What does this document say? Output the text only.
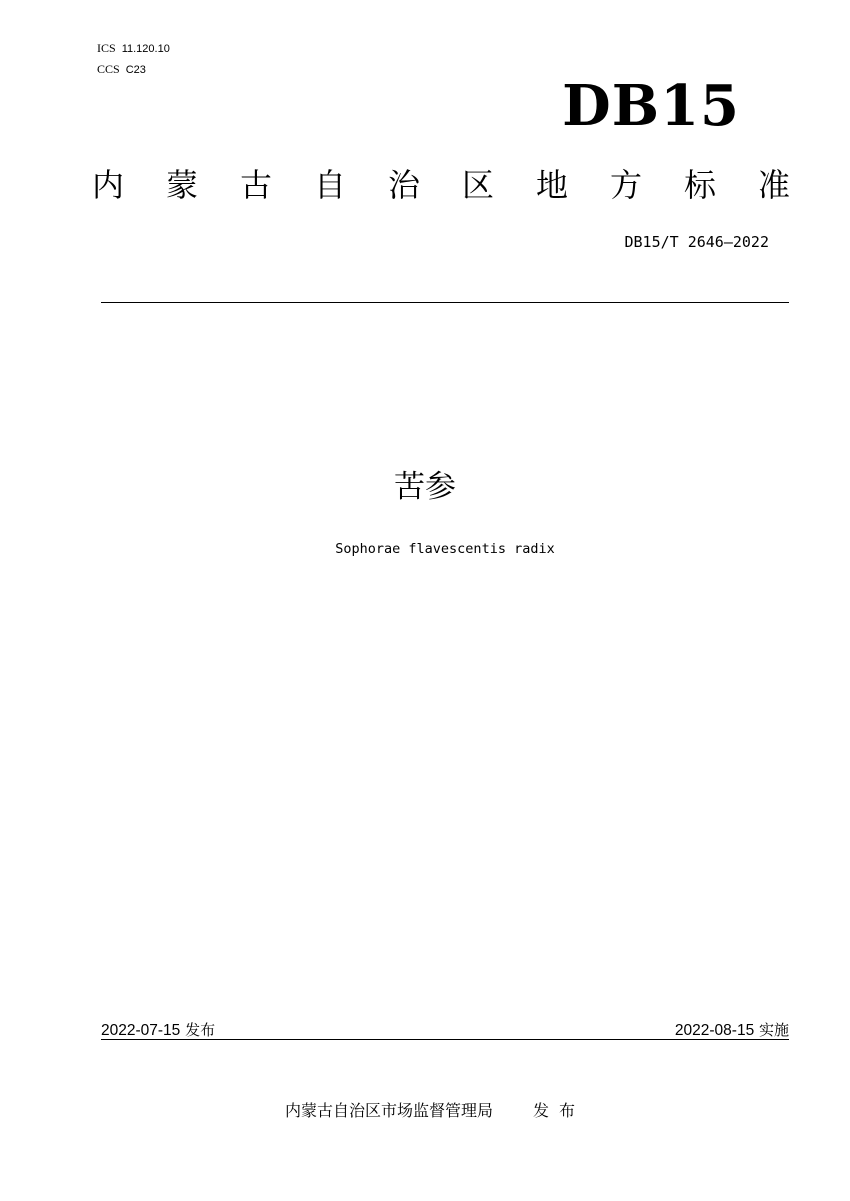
ICS 11.120.10
CCS C23
DB15
内 蒙 古 自 治 区 地 方 标 准
DB15/T 2646—2022
苦参
Sophorae flavescentis radix
2022-07-15 发布	2022-08-15 实施
内蒙古自治区市场监督管理局	发布
